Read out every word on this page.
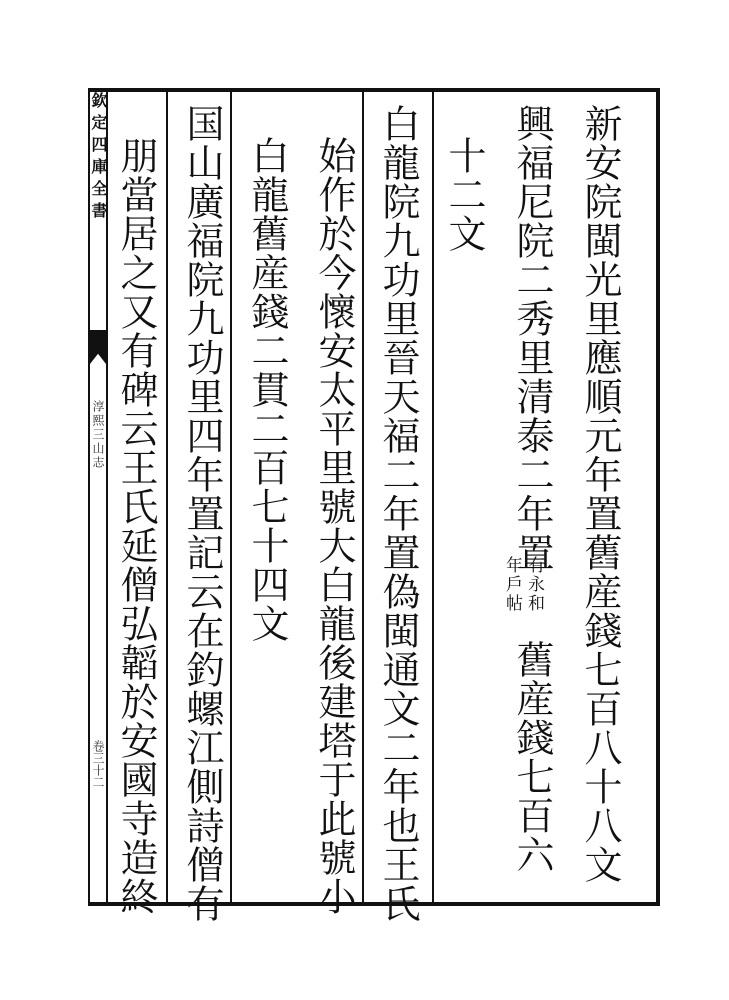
欽定四庫全書
淳熙三山志
卷三十二	新安院閩光里應順元年置舊産錢七百八十八文
興福尼院二秀里清泰二年置
有永和
年戶帖
舊産錢七百六
十二文
白龍院九功里晉天福二年置偽閩通文二年也王氏
始作於今懷安太平里號大白龍後建塔于此號小
白龍舊産錢二貫二百七十四文
国山廣福院九功里四年置記云在釣螺江側詩僧有
朋當居之又有碑云王氏延僧弘韜於安國寺造終
